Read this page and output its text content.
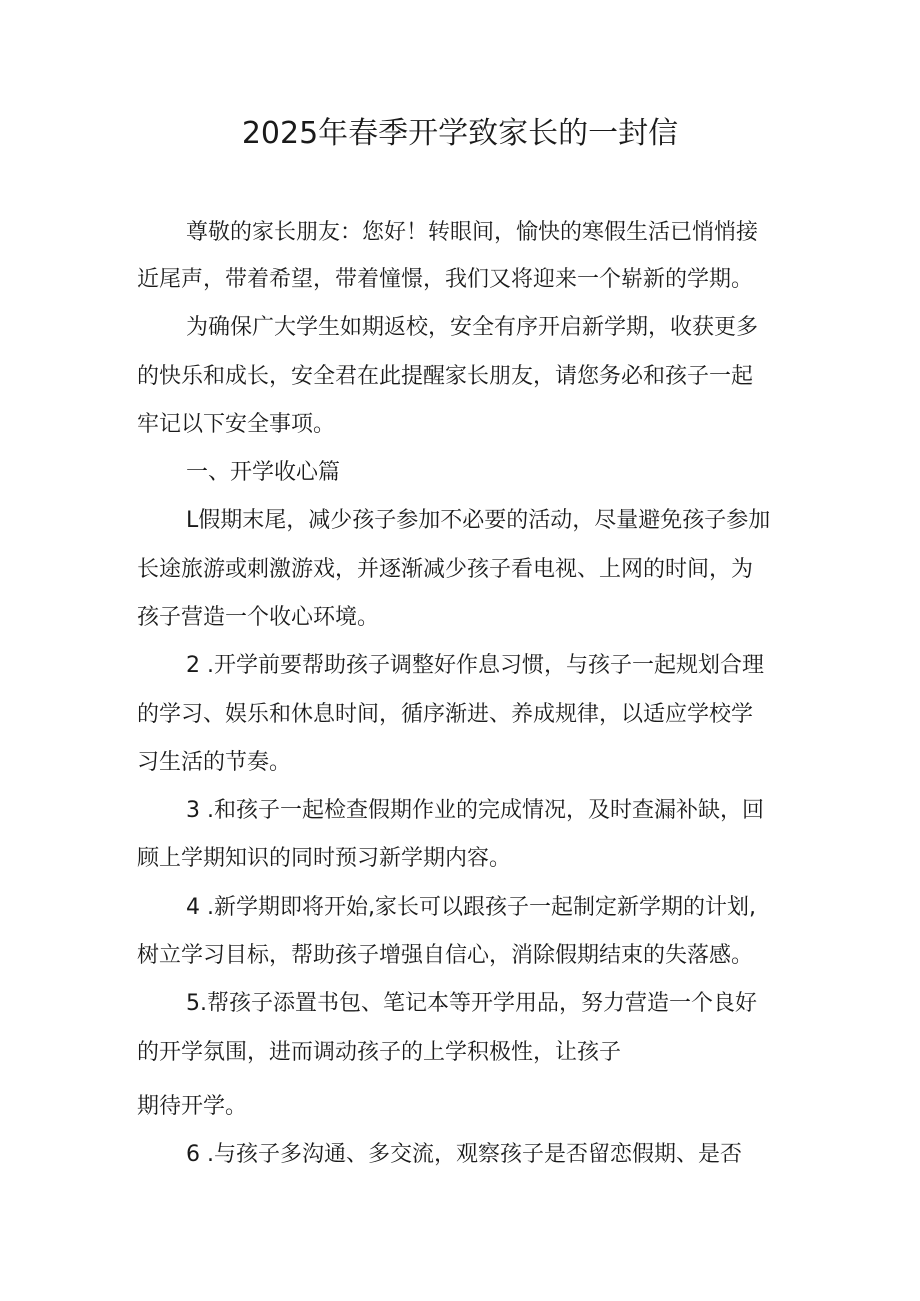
2025年春季开学致家长的一封信
尊敬的家长朋友：您好！转眼间，愉快的寒假生活已悄悄接
近尾声，带着希望，带着憧憬，我们又将迎来一个崭新的学期。
为确保广大学生如期返校，安全有序开启新学期，收获更多
的快乐和成长，安全君在此提醒家长朋友，请您务必和孩子一起
牢记以下安全事项。
一、开学收心篇
L假期末尾，减少孩子参加不必要的活动，尽量避免孩子参加
长途旅游或刺激游戏，并逐渐减少孩子看电视、上网的时间，为
孩子营造一个收心环境。
2 .开学前要帮助孩子调整好作息习惯，与孩子一起规划合理
的学习、娱乐和休息时间，循序渐进、养成规律，以适应学校学
习生活的节奏。
3 .和孩子一起检查假期作业的完成情况，及时查漏补缺，回
顾上学期知识的同时预习新学期内容。
4 .新学期即将开始,家长可以跟孩子一起制定新学期的计划,
树立学习目标，帮助孩子增强自信心，消除假期结束的失落感。
5.帮孩子添置书包、笔记本等开学用品，努力营造一个良好
的开学氛围，进而调动孩子的上学积极性，让孩子
期待开学。
6 .与孩子多沟通、多交流，观察孩子是否留恋假期、是否
